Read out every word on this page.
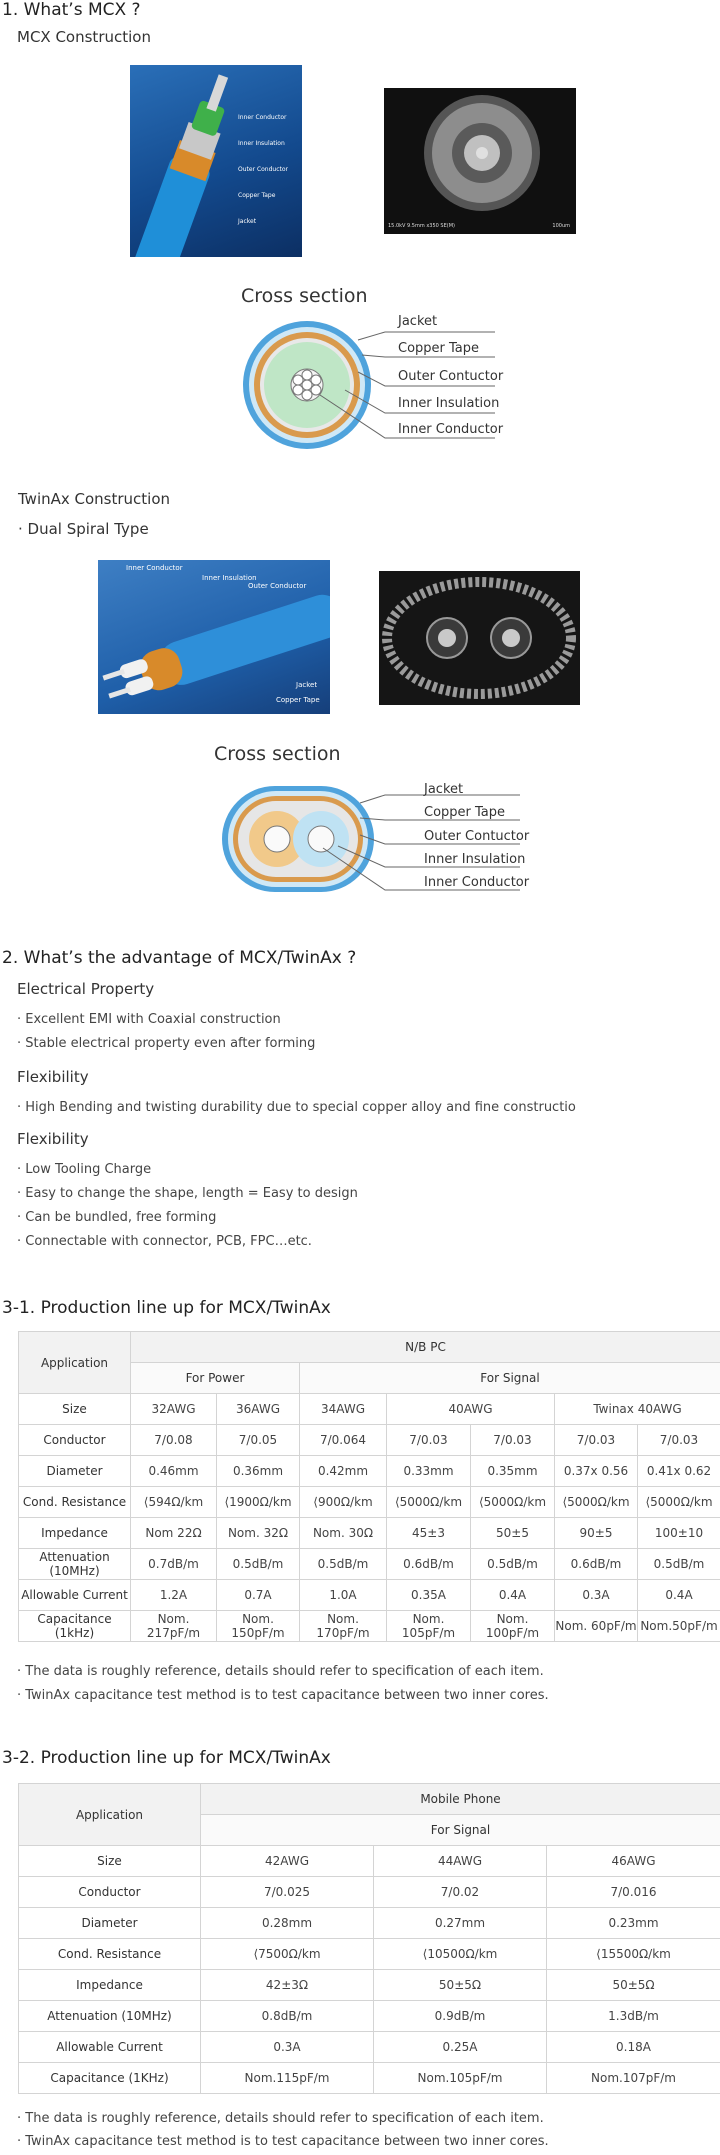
1. What’s MCX ?
MCX Construction
Inner Conductor
Inner Insulation
Outer Conductor
Copper Tape
Jacket
15.0kV 9.5mm x350 SE(M)	100um
Cross section
Jacket
Copper Tape
Outer Contuctor
Inner Insulation
Inner Conductor
TwinAx Construction
· Dual Spiral Type
Inner Conductor
Inner Insulation
Outer Conductor
Jacket
Copper Tape
Cross section
Jacket
Copper Tape
Outer Contuctor
Inner Insulation
Inner Conductor
2. What’s the advantage of MCX/TwinAx ?
Electrical Property
· Excellent EMI with Coaxial construction
· Stable electrical property even after forming
Flexibility
· High Bending and twisting durability due to special copper alloy and fine constructio
Flexibility
· Low Tooling Charge
· Easy to change the shape, length = Easy to design
· Can be bundled, free forming
· Connectable with connector, PCB, FPC…etc.
3-1. Production line up for MCX/TwinAx
Application	N/B PC						
	For Power		For Signal				
Size	32AWG	36AWG	34AWG	40AWG		Twinax 40AWG	
Conductor	7/0.08	7/0.05	7/0.064	7/0.03	7/0.03	7/0.03	7/0.03
Diameter	0.46mm	0.36mm	0.42mm	0.33mm	0.35mm	0.37x 0.56	0.41x 0.62
Cond. Resistance	⟨594Ω/km	⟨1900Ω/km	⟨900Ω/km	⟨5000Ω/km	⟨5000Ω/km	⟨5000Ω/km	⟨5000Ω/km
Impedance	Nom 22Ω	Nom. 32Ω	Nom. 30Ω	45±3	50±5	90±5	100±10
Attenuation (10MHz)	0.7dB/m	0.5dB/m	0.5dB/m	0.6dB/m	0.5dB/m	0.6dB/m	0.5dB/m
Allowable Current	1.2A	0.7A	1.0A	0.35A	0.4A	0.3A	0.4A
Capacitance (1kHz)	Nom. 217pF/m	Nom. 150pF/m	Nom. 170pF/m	Nom. 105pF/m	Nom. 100pF/m	Nom. 60pF/m	Nom.50pF/m
· The data is roughly reference, details should refer to specification of each item.
· TwinAx capacitance test method is to test capacitance between two inner cores.
3-2. Production line up for MCX/TwinAx
Application	Mobile Phone		
	For Signal		
Size	42AWG	44AWG	46AWG
Conductor	7/0.025	7/0.02	7/0.016
Diameter	0.28mm	0.27mm	0.23mm
Cond. Resistance	⟨7500Ω/km	⟨10500Ω/km	⟨15500Ω/km
Impedance	42±3Ω	50±5Ω	50±5Ω
Attenuation (10MHz)	0.8dB/m	0.9dB/m	1.3dB/m
Allowable Current	0.3A	0.25A	0.18A
Capacitance (1KHz)	Nom.115pF/m	Nom.105pF/m	Nom.107pF/m
· The data is roughly reference, details should refer to specification of each item.
· TwinAx capacitance test method is to test capacitance between two inner cores.
